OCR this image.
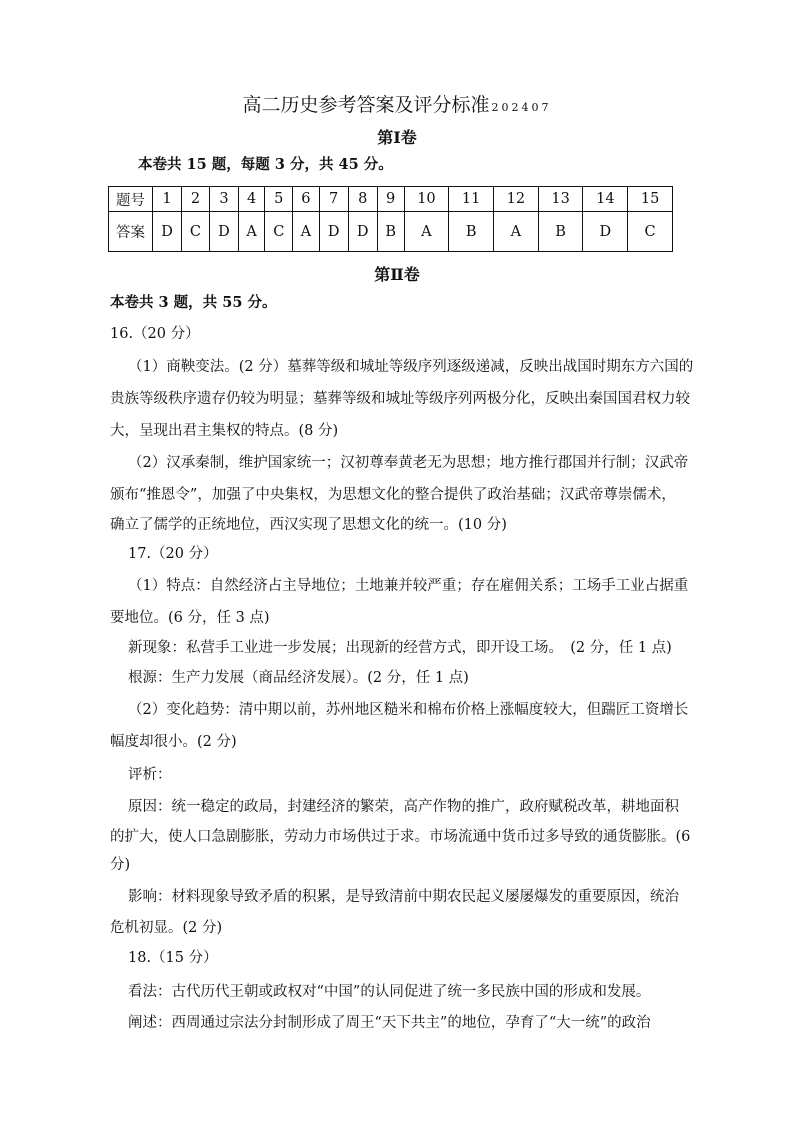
高二历史参考答案及评分标准 202407
第Ⅰ卷
本卷共 15 题，每题 3 分，共 45 分。
题号	1	2	3	4	5	6	7	8	9	10	11	12	13	14	15
答案	D	C	D	A	C	A	D	D	B	A	B	A	B	D	C
第Ⅱ卷
本卷共 3 题，共 55 分。
16.（20 分）
（1）商鞅变法。(2 分）墓葬等级和城址等级序列逐级递减，反映出战国时期东方六国的
贵族等级秩序遗存仍较为明显；墓葬等级和城址等级序列两极分化，反映出秦国国君权力较
大，呈现出君主集权的特点。(8 分)
（2）汉承秦制，维护国家统一；汉初尊奉黄老无为思想；地方推行郡国并行制；汉武帝
颁布“推恩令”，加强了中央集权，为思想文化的整合提供了政治基础；汉武帝尊崇儒术，
确立了儒学的正统地位，西汉实现了思想文化的统一。(10 分)
17.（20 分）
（1）特点：自然经济占主导地位；土地兼并较严重；存在雇佣关系；工场手工业占据重
要地位。(6 分，任 3 点)
新现象：私营手工业进一步发展；出现新的经营方式，即开设工场。　(2 分，任 1 点)
根源：生产力发展（商品经济发展）。(2 分，任 1 点)
（2）变化趋势：清中期以前，苏州地区糙米和棉布价格上涨幅度较大，但踹匠工资增长
幅度却很小。(2 分)
评析：
原因：统一稳定的政局，封建经济的繁荣，高产作物的推广，政府赋税改革，耕地面积
的扩大，使人口急剧膨胀，劳动力市场供过于求。市场流通中货币过多导致的通货膨胀。(6
分)
影响：材料现象导致矛盾的积累，是导致清前中期农民起义屡屡爆发的重要原因，统治
危机初显。(2 分)
18.（15 分）
看法：古代历代王朝或政权对“中国”的认同促进了统一多民族中国的形成和发展。
阐述：西周通过宗法分封制形成了周王“天下共主”的地位，孕育了“大一统”的政治
